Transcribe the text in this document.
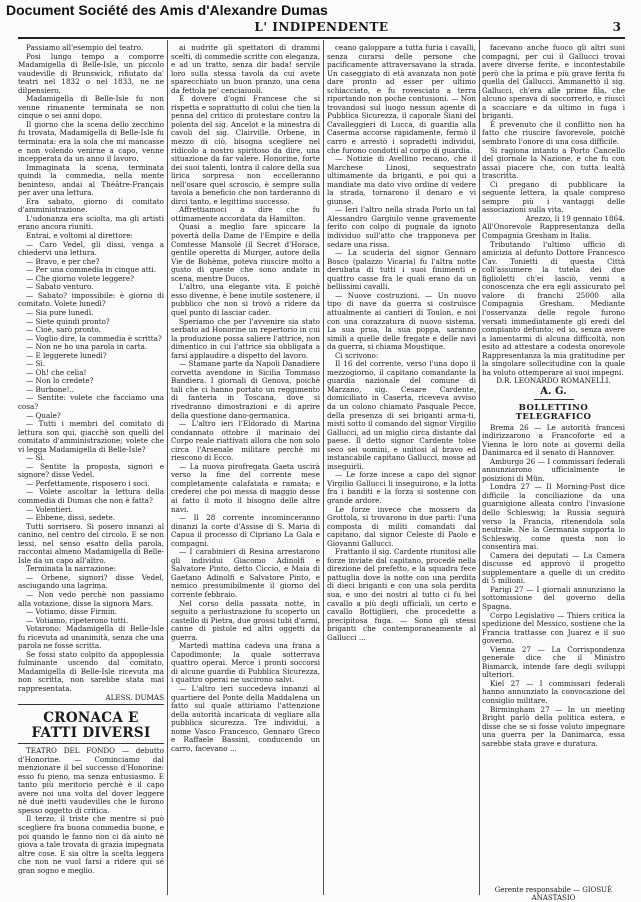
Document Société des Amis d'Alexandre Dumas
L' INDIPENDENTE	3

Passiamo all'esempio del teatro.

Posi lungo tempo a comporre Madamigella di Belle-Isle, un piccolo vaudeville di Brunswick, rifiutato da' teatri nel 1832 o nel 1833, ne ne dilpensiero.

Madamigella di Belle-Isle fu non venne rimanente terminata se non cinque o sei anni dopo.

Il giorno che la scena dello zecchino fu trovata, Madamigella di Belle-Isle fu terminata: era la sola che mi mancasse e non volendo venirne a capo, venne incepperata da un anno il lavoro.

Immaginata la scena, terminata quindi la commedia, nella mente beninteso, andai al Théâtre-Français per aver una lettura.

Era sabato, giorno di comitato d'amministrazione.

L'udonanza era sciolta, ma gli artisti erano ancora riuniti.

Entrai, e voltomi al direttore:

— Caro Vedel, gli dissi, venga a chiedervi una lettura.

— Bravo, e per che?

— Per una commedia in cinque atti.

— Che giorno volete leggere?

— Sabato venturo.

— Sabato? impossibile: è giorno di comitato. Volete lunedì?

— Sia pure lunedì.

— Siete quindi pronto?

— Cioè, sarò pronto.

— Voglio dire, la commedia è scritta?

— Non ne ho una parola in carta.

— E leggerete lunedì?

— Sì.

— Oh! che celia!

— Non lo credete?

— Burbone!..

— Sentite: volete che facciamo una cosa?

— Quale?

— Tutti i membri del comitato di lettura son qui, giacchè son quelli del comitato d'amministrazione; volete che vi legga Madamigella di Belle-Isle?

— Sì.

— Sentite la proposta, signori e signore? disse Vedel.

— Perfettamente, risposero i soci.

— Volete ascoltar la lettura della commedia di Dumas che non è fatta?

— Volentieri.

— Ebbene, dissi, sedete.

Tutti sorrisero. Si posero innanzi al canino, nel centro del circolo. E se non lessi, nel senso esatto della parola, raccontai almeno Madamigella di Belle-Isle da un capo all'altro.

Terminata la narrazione:

— Orbene, signori? disse Vedel, asciugando una lagrima.

— Non vedo perchè non passiamo alla votazione, disse la signora Mars.

— Votiamo, disse Firmin.

— Votiamo, ripeterono tutti.

Votarono: Madamigella di Belle-Isle fu ricevuta ad unanimità, senza che una parola ne fosse scritta.

Se fossi stato colpito da appoplessia fulminante uscendo dal comitato, Madamigella di Belle-Isle ricevuta ma non scritta, non sarebbe stata mai rappresentata.

ALESS. DUMAS

CRONACA E FATTI DIVERSI

TEATRO DEL FONDO — debutto d'Honorine. — Cominciamo dal menzionare il bel successo d'Honorine: esso fu pieno, ma senza entusiasmo. E tanto più meritorio perchè è il capo avere noi una volta del dover leggere nè duè inetti vaudevilles che le furono spesso oggetto di critica.

Il terzo, il triste che mentre si può scegliere fra buona commedia buone, e poi quando le fanno non ci dà aiuto nè giova a tale trovata di grazia impegnata altre cose. E sia oltre la scelta leggera che non ne vuol farsi a ridere qui sé gran sogno e meglio.

ai nudrite gli spettatori di drammi scelti, di commedie scritte con eleganza, e ad un tratto, senza dir bada! servile loro sulla stessa tavola da cui avete sparecchiato un buon pranzo, una cena da fettola pe' cenciaiuoli.

È dovere d'ogni Francese che si rispetta e soprattutto di colui che tien la penna del critico di protestare contro la polenta del sig. Ancelot e la minestra di cavoli del sig. Clairville. Orbene, in mezzo di ciò, bisogna scegliere nel ridicolo a nostro spiritoso da dire, una situazione da far valere. Honorine, forte dei suoi talenti, lontra il calore della sua lirica sorpresa non eccelleranno nell'osare quel scroscio, è sempre sulla tavola a beneficio che non tarderanno di dirci tanto, e legittimo successo.

Affrettiamoci a dire che fu ottimamente accordata da Hamilton.

Quasi a meglio fare spiccare la povertà della Dame de l'Empire e della Comtesse Mansolé (il Secret d'Horace, gentile operetta di Murger, autore della Vie de Bohème, poteva riuscire molto a gusto di queste che sono andate in scena, mentre Ducos.

L'altro, una elegante vita. E poichè esso divenne, è bene inutile sostenere, il pubblico che non si trovò a ridere da quel punto di lasciar cader.

Speriamo che per l'avvenire sia stato serbato ad Honorine un repertorio in cui la produzione possa saliere l'attrice, non dimentico in cui l'attrice sia obbligata a farsi applaudire a dispetto del lavoro.

— Stamane parte da Napoli Danadiere corvetta avendone in Sicilia Tommaso Bandiera. I giornali di Genova, poichè tali che ci hanno portato un reggimento di fanteria in Toscana, dove si rivedranno dimostrazioni e di aprire della questione dano-germanica.

— L'altro ieri l'Eldorado di Marina condannato ottobre il marinaio del Corpo reale riattivati allora che non solo circa l'Arsenale militare perchè mi riescono di Ecco.

— La nuova pirofregata Gaeta uscirà verso la fine del corrente mese completamente calafatata e ramata; e crederei che poi messa di maggio desse ai fatto il moto il bisogno delle altre navi.

— Il 28 corrente incominceranno dinanzi la corte d'Assise di S. Maria di Capua il processo di Cipriano La Gala e compagni.

— I carabinieri di Resina arrestarono gli individui Giacomo Adinolfi e Salvatore Pinto, detto Ciccio, e Maia di Gaetano Adinolfi e Salvatore Pinto, e nemico presumibilmente il giorno del corrente febbraio.

Nel corso della passata notte, in seguito a perlustrazione fu scoperto un castello di Pietra, due grossi tubi d'armi, canne di pistole ed altri oggetti da guerra.

Martedì mattina cadeva una frana a Capodimonte; la quale sotterrava quattro operai. Merce i pronti soccorsi di alcune guardie di Pubblica Sicurezza, i quattro operai ne uscirono salvi.

— L'altro ieri succedeva innanzi al quartiere del Ponte della Maddalena un fatto sul quale attiriamo l'attenzione della autorità incaricata di vegliare alla pubblica sicurezza. Tre individui, a nome Vasco Francesco, Gennaro Greco e Raffaele Bassini, conducendo un carro, facevano ...

ceano galoppare a tutta furia i cavalli, senza curarsi delle persone che pacificamente attraversavano la strada. Un caseggiato di età avanzata non potè dare pronto ad esser per ultimo schiacciato, e fu rovesciato a terra riportando non poche contusioni. — Non trovandosi sul luogo nessun agente di Pubblica Sicurezza, il caporale Siani del Cavalleggieri di Lucca, di guardia alla Caserma accorse rapidamente, fermò il carro e arrestò i sopradetti individui, che furono condotti al corpo di guardia.

— Notizie di Avellino recano, che il Marchese Linosi, sequestrato ultimamente da briganti, e poi qui a mandiate ma dato vivo ordine di vedere la strada, tornarono il denaro e vi giunse.

— Ieri l'altro nella strada Porto un tal Alessandro Gargiulo venne gravemente ferito con colpo di pugnale da ignoto individuo sull'atto che trapponeva per sedare una rissa.

— La scuderia del signor Gennaro Bosco (palazzo Vicaria) fu l'altra notte derubata di tutti i suoi finimenti e quattro casse fra le quali erano da un bellissimi cavalli.

— Nuove costruzioni. — Un nuovo tipo di nave da guerra si costruisce attualmente ai cantieri di Toulon, e noi con una corazzatura di nuovo sistema. La sua prua, la sua poppa, saranno simili a quelle delle fregate e delle navi da guerra, si chiama Moustique.

Ci scrivono:

Il 16 del corrente, verso l'una dopo il mezzogiorno, il capitano comandante la guardia nazionale del comune di Marzano, sig. Cesare Cardente, domiciliato in Caserta, riceveva avviso da un colono chiamato Pasquale Pecce, della presenza di sei briganti arma-ti, misti sotto il comando del signor Virgilio Gallucci, ad un miglio circa distante dal paese. Il detto signor Cardente tolse seco sei uomini, e unitosi al bravo ed instancabile capitano Gallucci, mosse ad inseguirli.

— Le forze incese a capo del signor Virgilio Gallucci li inseguirono, e la lotta fra i banditi e la forza si sostenne con grande ardore.

Le forze invece che mossero da Grottola, si trovarono in due parti: l'una composta di militi comandati dal capitano, dal signor Celeste di Paolo e Giovanni Gallucci.

Frattanto il sig. Cardente riunitosi alle forze inviate dal capitano, procedè nella direzione del prefetto, e la squadra fece pattuglia dove la notte con una perdita di dieci briganti e con una sola perdita sua, e uno dei nostri al tutto ci fu bel cavallo a più degli ufficiali, un certo e cavallo Bottiglieri, che procedette a precipitosa fuga. — Sono gli stessi briganti che contemporaneamente al Gallucci ...

facevano anche fuoco gli altri suoi compagni, per cui il Gallucci trovai avere diverse ferite, e incontestabile però che la prima e più grave ferita fu quella del Gallucci. Ammanettò il sig. Gallucci, ch'era alle prime fila, che alcuno sperava di soccorrerlo, e riuscì a scacciare e da ultimo in fuga i briganti.

È prevenuto che il conflitto non ha fatto che riuscire favorevole, poichè sembrato l'onore di una cosa difficile.

Si ragiona intanto a Porto Cancello del giornale la Nazione, e che fu con assai piacere che, con tutta lealtà trascritta.

Ci pregano di pubblicare la seguente lettera, la quale compreso sempre più i vantaggi delle associazioni sulla vita.

Arezzo, li 19 gennaio 1864.

All'Onorevole Rappresentanza della Compagnia Gresham in Italia.

Tributando l'ultimo ufficio di amicizia al defunto Dottore Francesco Cav. Tonietti di questa Città coll'assumere la tutela dei due figlioletti ch'ei lasciò, venni a conoscenza che era egli assicurato pel valore di franchi 25000 alla Compagnia Gresham. Mediante l'osservanza delle regole furono versati immediatamente gli eredi del compianto defunto; ed io, senza avere a lamentarmi di alcuna difficoltà, non esito ad attestare a codesta onorevole Rappresentanza la mia gratitudine per la singolare sollecitudine con la quale ha voluto ottemperare ai suoi impegni.

D.R. LEONARDO ROMANELLI.

A. G.
BOLLETTINO TELEGRAFICO

Brema 26 — Le autorità francesi indirizzarono a Francoforte ed a Vienna le loro note ai governi della Danimarca ed il senato di Hannover.

Amburgo 26 — I commissari federali annunziarono ufficialmente le posizioni di Mün.

Londra 27 — Il Morning-Post dice difficile la conciliazione da una guarnigione alleata contro l'invasione dello Schleswig; la Russia seguirà verso la Francia, ritenendola sola neutrale. Ne la Germania supporta lo Schleswig, come questa non lo consentirà mai.

Camera dei deputati — La Camera discusse ed approvò il progetto supplementare a quelle di un credito di 5 milioni.

Parigi 27 — I giornali annunziano la sottomissione del governo della Spagna.

Corpo Legislativo — Thiers critica la spedizione del Messico, sostiene che la Francia trattasse con Juarez e il suo governo.

Vienna 27 — La Corrispondenza generale dice che il Ministro Bismarck, intende fare degli sviluppi ulteriori.

Kiel 27 — I commissari federali hanno annunziato la convocazione del consiglio militare.

Birmingham 27 — In un meeting Bright parlò della politica estera, e disse che se si fosse voluto impegnare una guerra per la Danimarca, essa sarebbe stata grave e duratura.

Gerente responsabile — GIOSUÈ ANASTASIO
